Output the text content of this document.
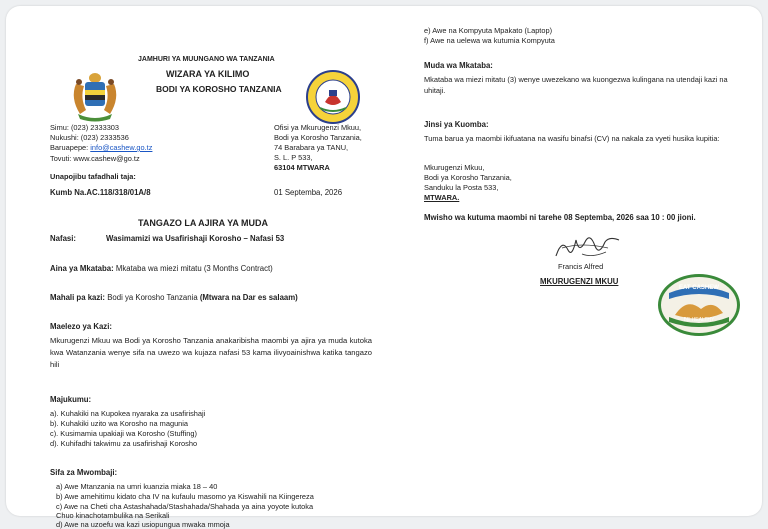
JAMHURI YA MUUNGANO WA TANZANIA
WIZARA YA KILIMO
BODI YA KOROSHO TANZANIA
Simu: (023) 2333303
Nukushi: (023) 2333536
Baruapepe: info@cashew.go.tz
Tovuti: www.cashew@go.tz
Ofisi ya Mkurugenzi Mkuu,
Bodi ya Korosho Tanzania,
74 Barabara ya TANU,
S. L. P 533,
63104 MTWARA
Unapojibu tafadhali taja:
Kumb Na.AC.118/318/01A/8	01 Septemba, 2026
TANGAZO LA AJIRA YA MUDA
Nafasi:	Wasimamizi wa Usafirishaji Korosho – Nafasi 53
Aina ya Mkataba: Mkataba wa miezi mitatu (3 Months Contract)
Mahali pa kazi: Bodi ya Korosho Tanzania (Mtwara na Dar es salaam)
Maelezo ya Kazi:
Mkurugenzi Mkuu wa Bodi ya Korosho Tanzania anakaribisha maombi ya ajira ya muda kutoka kwa Watanzania wenye sifa na uwezo wa kujaza nafasi 53 kama ilivyoainishwa katika tangazo hili
Majukumu:
a). Kuhakiki na Kupokea nyaraka za usafirishaji
b). Kuhakiki uzito wa Korosho na magunia
c). Kusimamia upakiaji wa Korosho (Stuffing)
d). Kuhifadhi takwimu za usafirishaji Korosho
Sifa za Mwombaji:
a) Awe Mtanzania na umri kuanzia miaka 18 – 40
b) Awe amehitimu kidato cha IV na kufaulu masomo ya Kiswahili na Kiingereza
c) Awe na Cheti cha Astashahada/Stashahada/Shahada ya aina yoyote kutoka
Chuo kinachotambulika na Serikali
d) Awe na uzoefu wa kazi usiopungua mwaka mmoja
e) Awe na Kompyuta Mpakato (Laptop)
f) Awe na uelewa wa kutumia Kompyuta
Muda wa Mkataba:
Mkataba wa miezi mitatu (3) wenye uwezekano wa kuongezwa kulingana na utendaji kazi na uhitaji.
Jinsi ya Kuomba:
Tuma barua ya maombi ikifuatana na wasifu binafsi (CV) na nakala za vyeti husika kupitia:
Mkurugenzi Mkuu,
Bodi ya Korosho Tanzania,
Sanduku la Posta 533,
MTWARA.
Mwisho wa kutuma maombi ni tarehe 08 Septemba, 2026 saa 10 : 00 jioni.
Francis Alfred
MKURUGENZI MKUU
EAT CASHEW
BE HEALTHY
